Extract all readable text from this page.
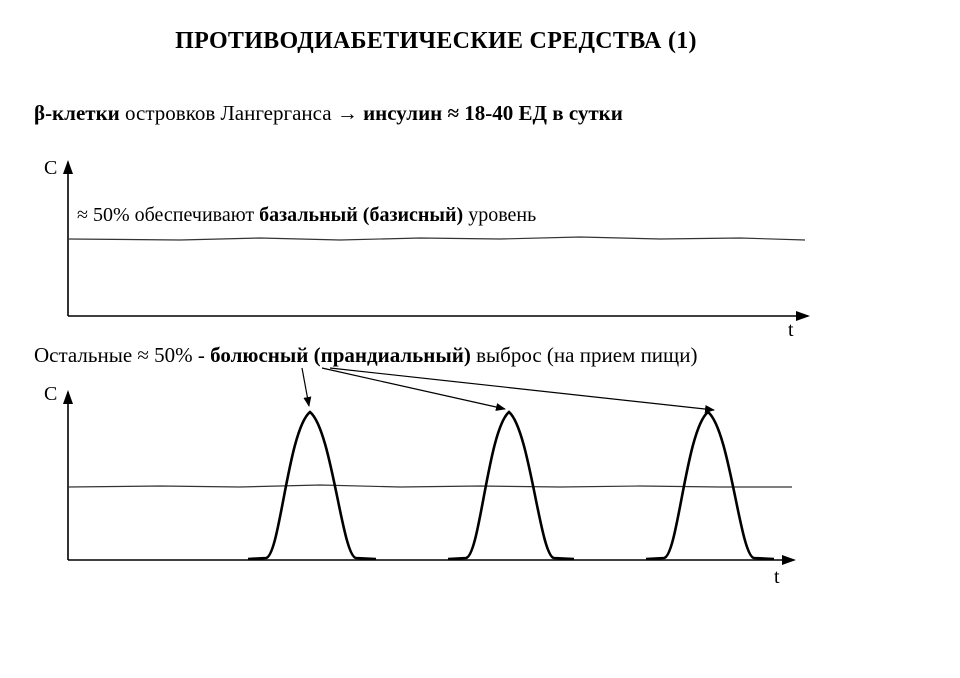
ПРОТИВОДИАБЕТИЧЕСКИЕ СРЕДСТВА (1)
β-клетки островков Лангерганса → инсулин ≈ 18-40 ЕД в сутки
≈ 50% обеспечивают базальный (базисный) уровень
C
t
Остальные ≈ 50% - болюсный (прандиальный) выброс (на прием пищи)
C
t
